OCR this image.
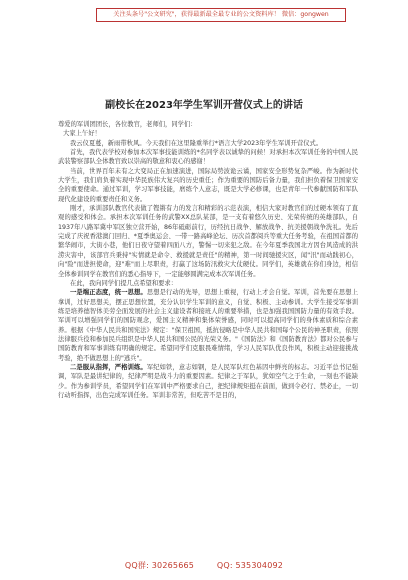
关注头条号"公文研究"，获得最新最全最专业的公文资料库！ 微信：gongwen
副校长在2023年学生军训开营仪式上的讲话

尊爱的军训团团长，各位教官，老师们，同学们：

大家上午好！

我云仪夏蔓，新雨带秋风。今天我们在这里隆重举行*语言大学2023年学生军训开营仪式。

首先，我代表学校对参加本次军事技能训练的*名同学表以诚挚的问候！对承担本次军训任务的中国人民武装警察部队全体教官致以崇高的敬意和衷心的感谢！

当前，世界百年未有之大变局正在加速演进，国际局势波诡云谲，国家安全形势复杂严峻。作为新时代大学生，我们肩负着实现中华民族伟大复兴的历史重任；作为重要的国防后备力量，我们担负着保卫国家安全的重要使命。通过军训，学习军事技能，磨练个人意志，既是大学必修课，也是青年一代参献国防和军队现代化建设的重要责任和义务。

刚才，承训部队教官代表做了铿锵有力的发言和精彩的示范表演，相信大家对教官们的过硬本领有了直观的感受和体会。承担本次军训任务的武警XX总队某部，是一支有着悠久历史、光荣传统的英雄部队，自1937年八路军冀中军区独立营开始，86年砥砺前行，历经抗日战争、解放战争、抗美援朝战争洗礼。先后完成了庆祝香港澳门回归、*夏季奥运会、一带一路高峰论坛、历次首都阅兵等重大任务考验，在祖国首都的繁华闹市，大街小巷，他们日夜守望着四面八方，警惕一切来犯之敌。在今年夏季我国北方因台风造成的洪涝灾害中，该部官兵秉持"实情就是命令、救援就是责任"的精神，第一时间驰援灾区，闻"汛"而动践初心，向"险"而进担使命，迎"难"而上尽职责，打赢了这场防汛救灾大仗硬仗。同学们，英雄就在你们身边，相信全体参训同学在教官们的悉心指导下，一定能够圆满完成本次军训任务。

在此，我向同学们提几点希望和要求：

一是端正态度，统一思想。思想是行动的先导，思想上重视，行动上才会自觉。军训，首先要在思想上拿训，过好思想关，摆正思想位置，充分认识学生军训的意义，自觉、积极、主动参训。大学生接受军事训练是培养德智体美劳全面发展的社会主义建设者和接班人的重要举措，也是加强我国国防力量的有效手段。军训可以增强同学们的国防观念，爱国主义精神和集体荣誉感，同时可以提高同学们的身体素质和综合素养。根据《中华人民共和国宪法》规定："保卫祖国，抵抗侵略是中华人民共和国每个公民的神圣职责，依照法律服兵役和参加民兵组织是中华人民共和国公民的光荣义务。"《国防法》和《国防教育法》都对公民参与国防教育和军事训练有明确的规定。希望同学们克服畏难情绪，学习人民军队优良作风，积极主动迎接挑战考验，绝不做思想上的"逃兵"。

二是服从指挥，严格训练。军纪如铁，意志如钢，是人民军队红色基因中鲜亮的标志。习近平总书记强调，军队是最讲纪律的，纪律严明是战斗力的重要因素。纪律之于军队，犹如空气之于生命，一刻也不能缺少。作为参训学员，希望同学们在军训中严格要求自己，把纪律规矩挺在前面，做到令必行、禁必止，一切行动听指挥，出色完成军训任务。军训非常苦，但吃苦不是目的，

QQ群: 30265665	QQ: 535304092
